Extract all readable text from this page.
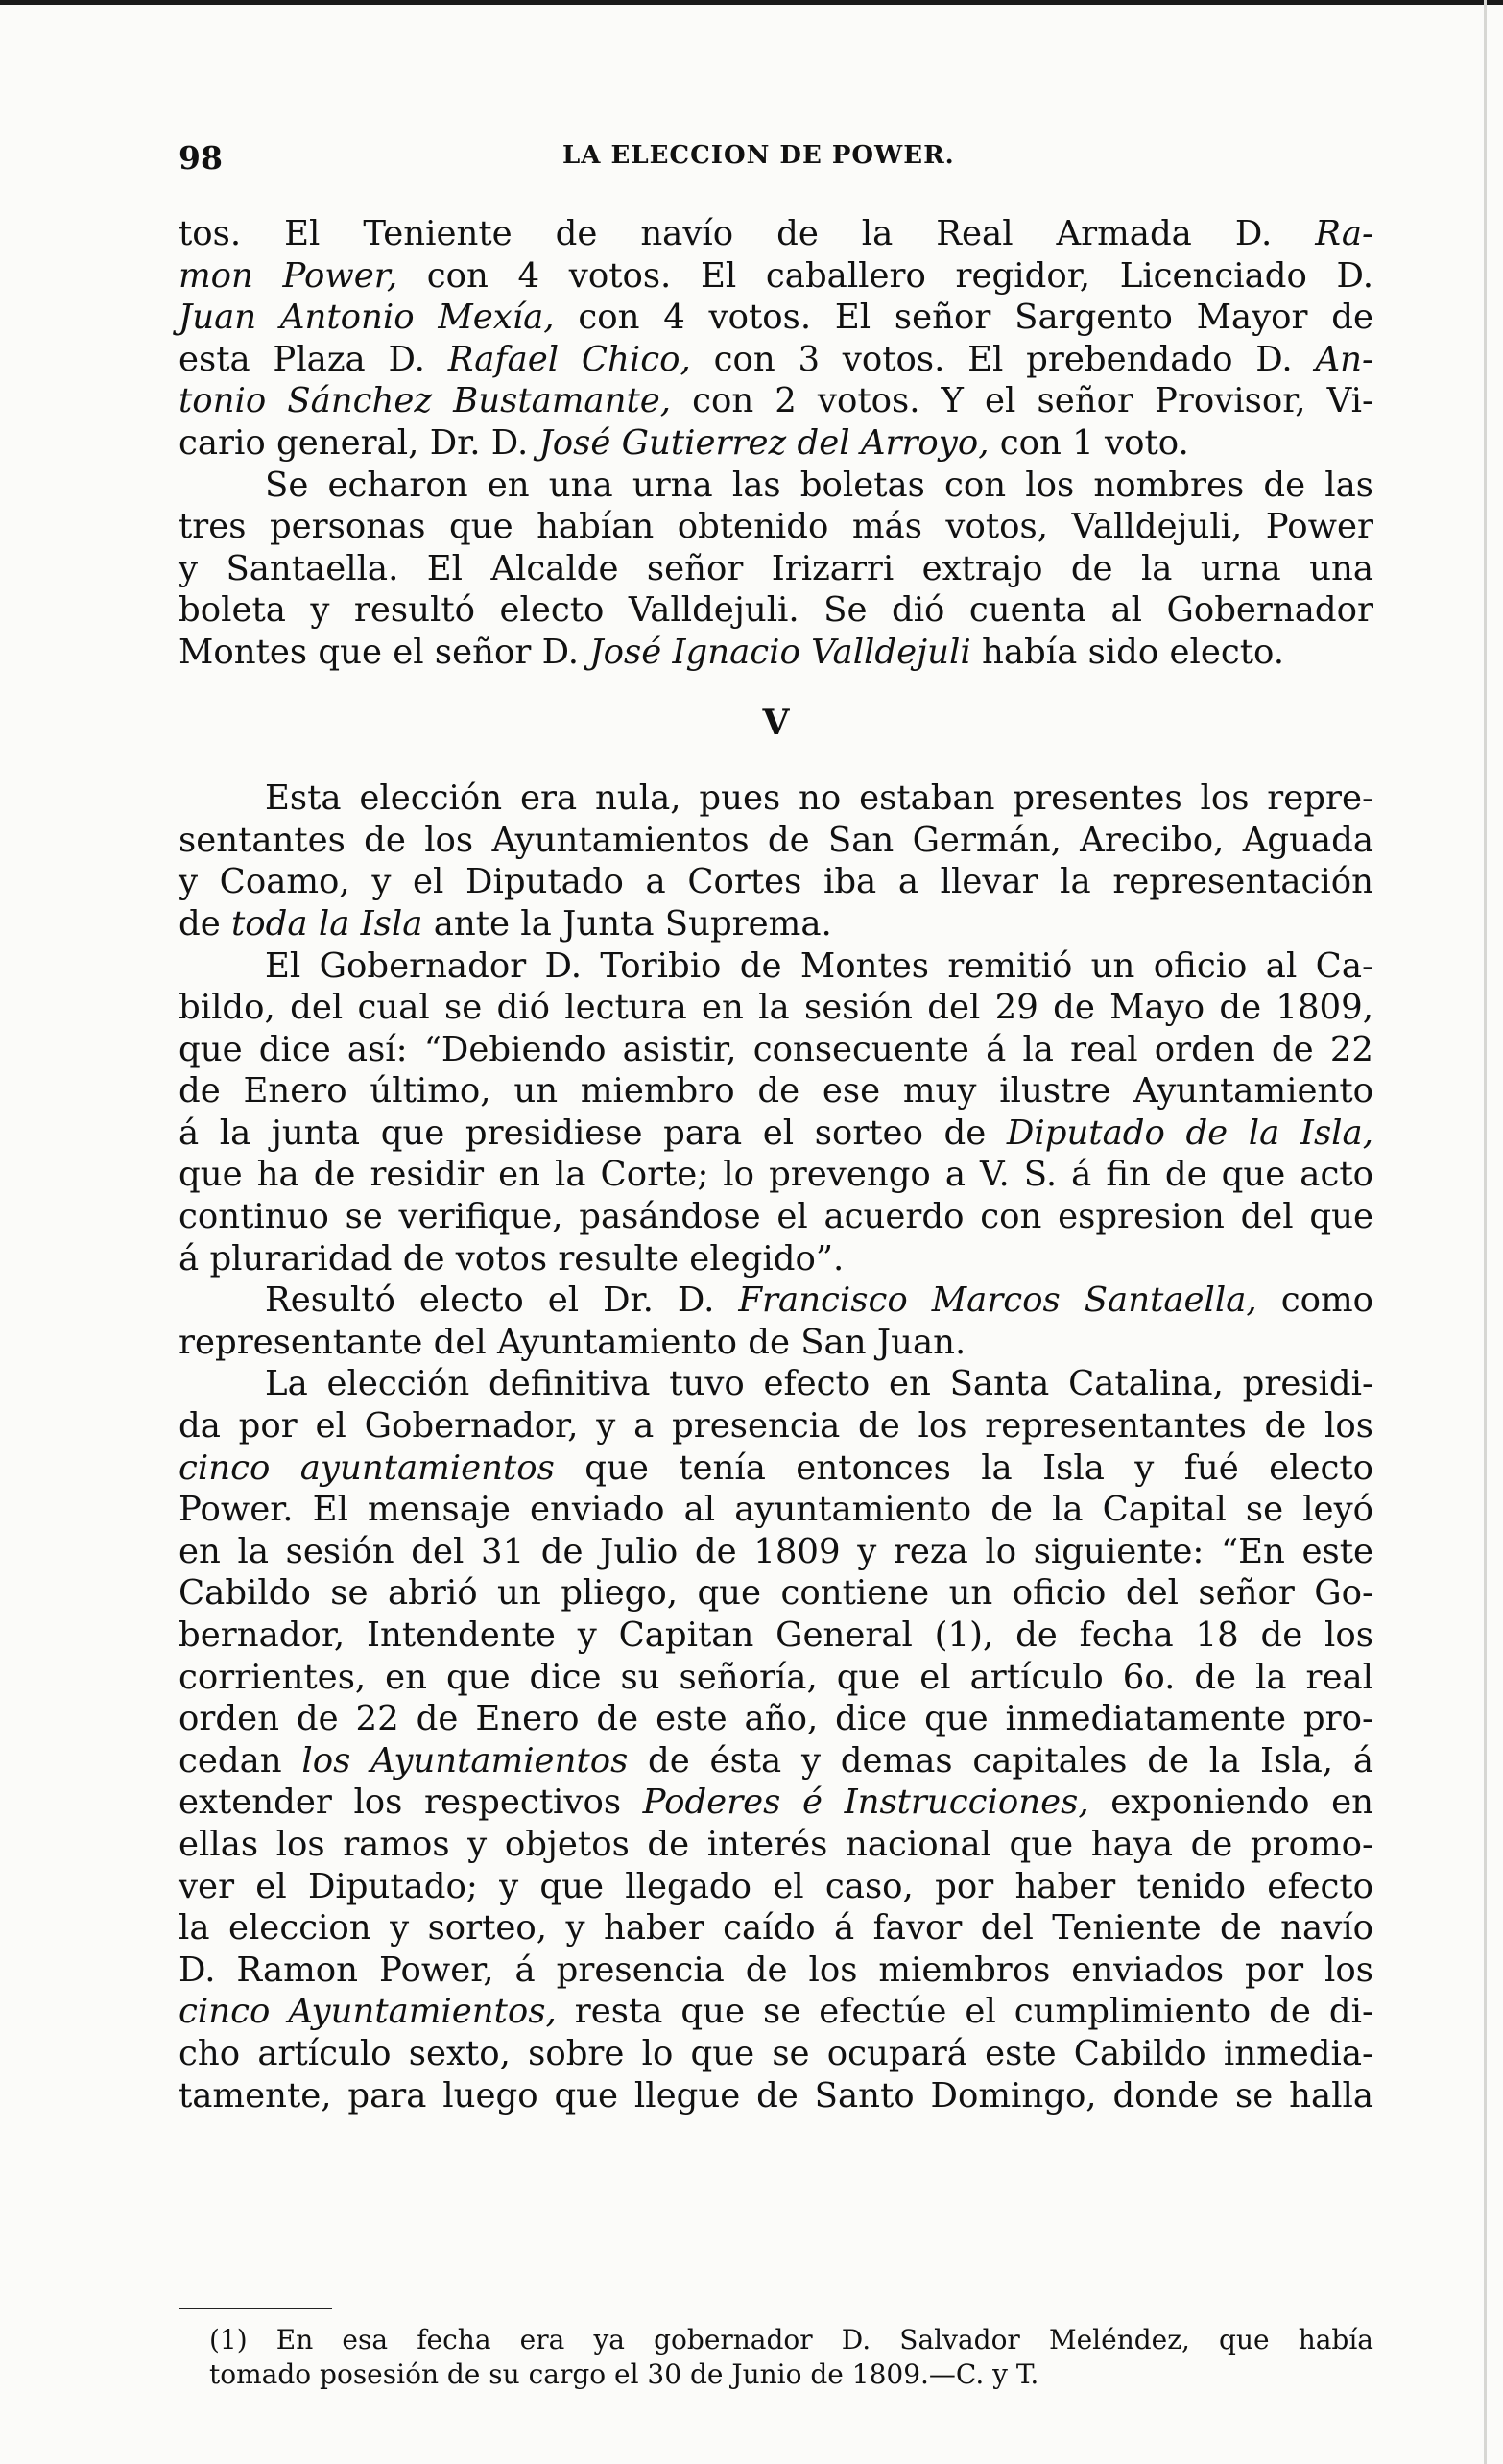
98	LA ELECCION DE POWER.
tos. El Teniente de navío de la Real Armada D. Ra-
mon Power, con 4 votos. El caballero regidor, Licenciado D.
Juan Antonio Mexía, con 4 votos. El señor Sargento Mayor de
esta Plaza D. Rafael Chico, con 3 votos. El prebendado D. An-
tonio Sánchez Bustamante, con 2 votos. Y el señor Provisor, Vi-
cario general, Dr. D. José Gutierrez del Arroyo, con 1 voto.
Se echaron en una urna las boletas con los nombres de las
tres personas que habían obtenido más votos, Valldejuli, Power
y Santaella. El Alcalde señor Irizarri extrajo de la urna una
boleta y resultó electo Valldejuli. Se dió cuenta al Gobernador
Montes que el señor D. José Ignacio Valldejuli había sido electo.
V
Esta elección era nula, pues no estaban presentes los repre-
sentantes de los Ayuntamientos de San Germán, Arecibo, Aguada
y Coamo, y el Diputado a Cortes iba a llevar la representación
de toda la Isla ante la Junta Suprema.
El Gobernador D. Toribio de Montes remitió un oficio al Ca-
bildo, del cual se dió lectura en la sesión del 29 de Mayo de 1809,
que dice así: “Debiendo asistir, consecuente á la real orden de 22
de Enero último, un miembro de ese muy ilustre Ayuntamiento
á la junta que presidiese para el sorteo de Diputado de la Isla,
que ha de residir en la Corte; lo prevengo a V. S. á fin de que acto
continuo se verifique, pasándose el acuerdo con espresion del que
á pluraridad de votos resulte elegido”.
Resultó electo el Dr. D. Francisco Marcos Santaella, como
representante del Ayuntamiento de San Juan.
La elección definitiva tuvo efecto en Santa Catalina, presidi-
da por el Gobernador, y a presencia de los representantes de los
cinco ayuntamientos que tenía entonces la Isla y fué electo
Power. El mensaje enviado al ayuntamiento de la Capital se leyó
en la sesión del 31 de Julio de 1809 y reza lo siguiente: “En este
Cabildo se abrió un pliego, que contiene un oficio del señor Go-
bernador, Intendente y Capitan General (1), de fecha 18 de los
corrientes, en que dice su señoría, que el artículo 6o. de la real
orden de 22 de Enero de este año, dice que inmediatamente pro-
cedan los Ayuntamientos de ésta y demas capitales de la Isla, á
extender los respectivos Poderes é Instrucciones, exponiendo en
ellas los ramos y objetos de interés nacional que haya de promo-
ver el Diputado; y que llegado el caso, por haber tenido efecto
la eleccion y sorteo, y haber caído á favor del Teniente de navío
D. Ramon Power, á presencia de los miembros enviados por los
cinco Ayuntamientos, resta que se efectúe el cumplimiento de di-
cho artículo sexto, sobre lo que se ocupará este Cabildo inmedia-
tamente, para luego que llegue de Santo Domingo, donde se halla
(1) En esa fecha era ya gobernador D. Salvador Meléndez, que había
tomado posesión de su cargo el 30 de Junio de 1809.—C. y T.
